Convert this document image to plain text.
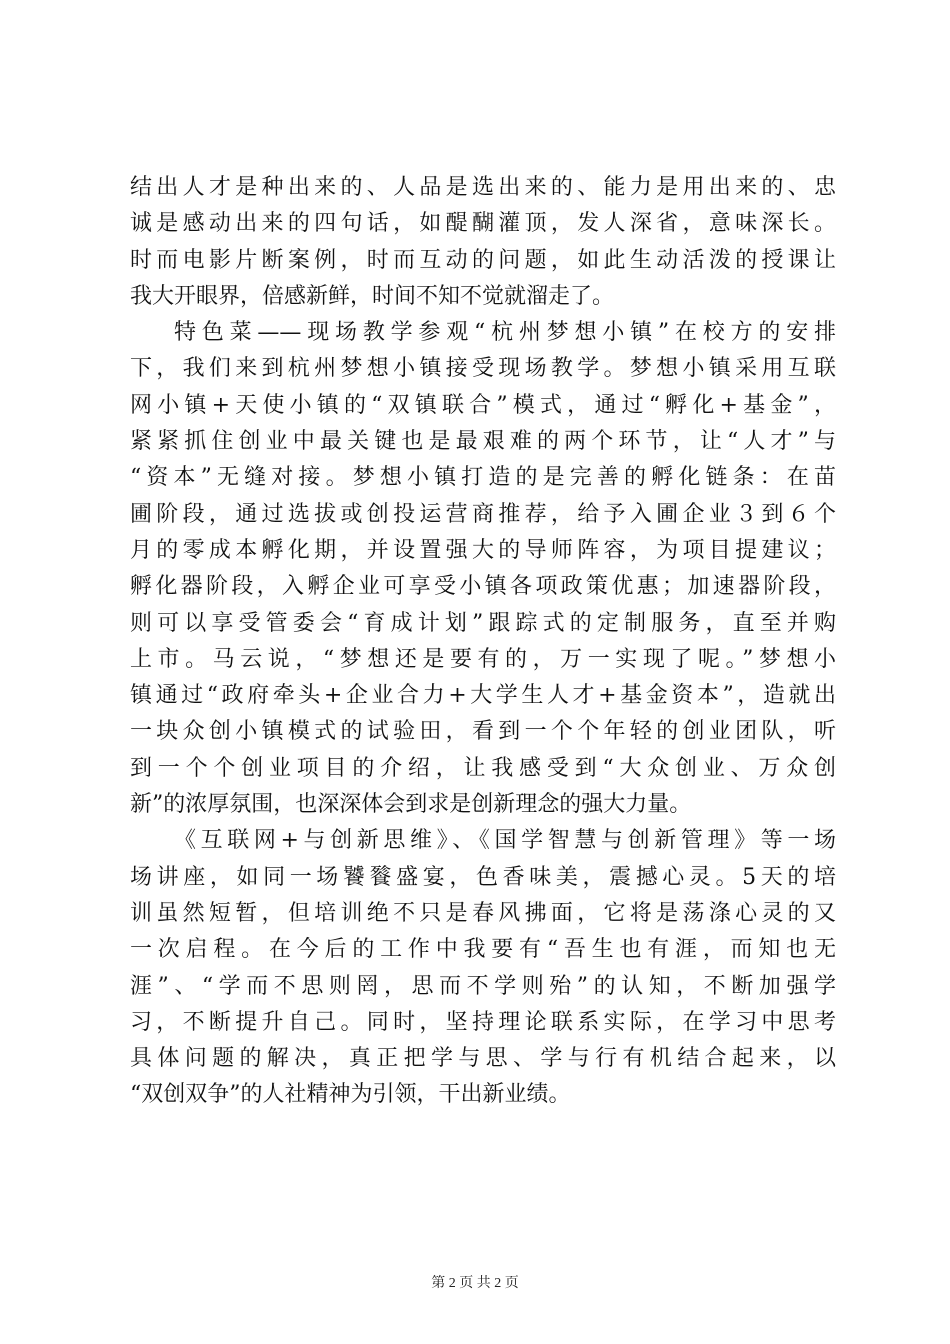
结出人才是种出来的、人品是选出来的、能力是用出来的、忠
诚是感动出来的四句话，如醍醐灌顶，发人深省，意味深长。
时而电影片断案例，时而互动的问题，如此生动活泼的授课让
我大开眼界，倍感新鲜，时间不知不觉就溜走了。
特色菜——现场教学参观“杭州梦想小镇”在校方的安排
下，我们来到杭州梦想小镇接受现场教学。梦想小镇采用互联
网小镇+天使小镇的“双镇联合”模式，通过“孵化+基金”，
紧紧抓住创业中最关键也是最艰难的两个环节，让“人才”与
“资本”无缝对接。梦想小镇打造的是完善的孵化链条：在苗
圃阶段，通过选拔或创投运营商推荐，给予入圃企业３到６个
月的零成本孵化期，并设置强大的导师阵容，为项目提建议；
孵化器阶段，入孵企业可享受小镇各项政策优惠；加速器阶段，
则可以享受管委会“育成计划”跟踪式的定制服务，直至并购
上市。马云说，“梦想还是要有的，万一实现了呢。”梦想小
镇通过“政府牵头+企业合力+大学生人才+基金资本”，造就出
一块众创小镇模式的试验田，看到一个个年轻的创业团队，听
到一个个创业项目的介绍，让我感受到“大众创业、万众创
新”的浓厚氛围，也深深体会到求是创新理念的强大力量。
《互联网+与创新思维》、《国学智慧与创新管理》等一场
场讲座，如同一场饕餮盛宴，色香味美，震撼心灵。5天的培
训虽然短暂，但培训绝不只是春风拂面，它将是荡涤心灵的又
一次启程。在今后的工作中我要有“吾生也有涯，而知也无
涯”、“学而不思则罔，思而不学则殆”的认知，不断加强学
习，不断提升自己。同时，坚持理论联系实际，在学习中思考
具体问题的解决，真正把学与思、学与行有机结合起来，以
“双创双争”的人社精神为引领，干出新业绩。
第 2 页 共 2 页
